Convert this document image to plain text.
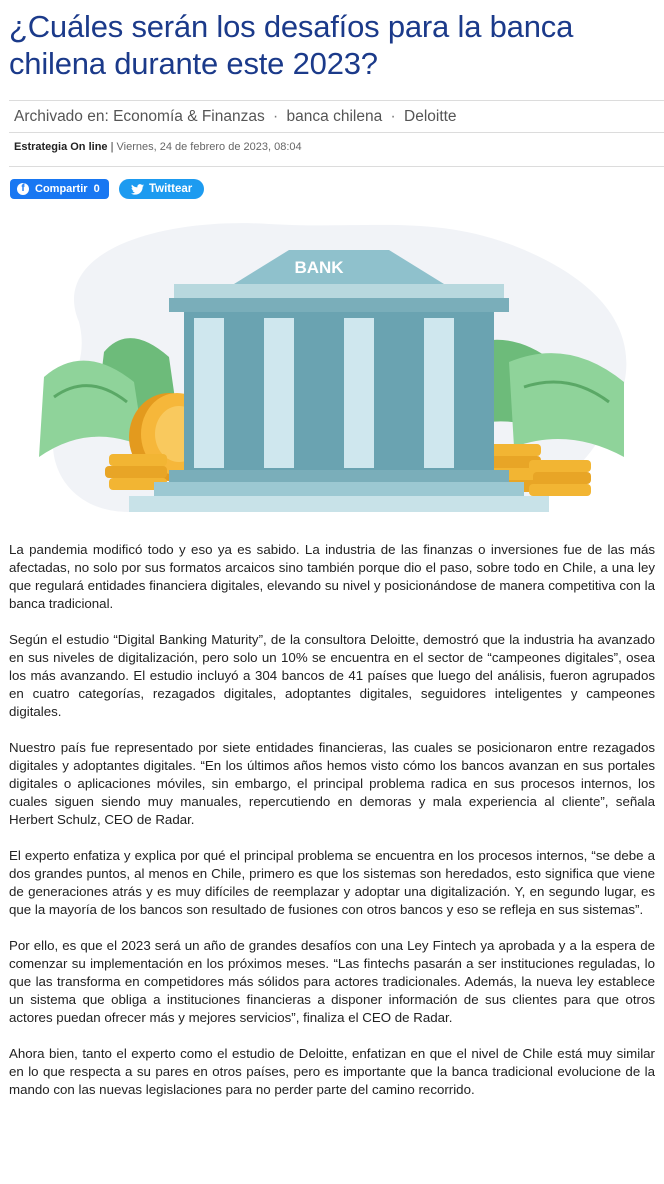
¿Cuáles serán los desafíos para la banca chilena durante este 2023?
Archivado en: Economía & Finanzas · banca chilena · Deloitte
Estrategia On line | Viernes, 24 de febrero de 2023, 08:04
f Compartir 0	Twittear
BANK

La pandemia modificó todo y eso ya es sabido. La industria de las finanzas o inversiones fue de las más afectadas, no solo por sus formatos arcaicos sino también porque dio el paso, sobre todo en Chile, a una ley que regulará entidades financiera digitales, elevando su nivel y posicionándose de manera competitiva con la banca tradicional.

Según el estudio “Digital Banking Maturity”, de la consultora Deloitte, demostró que la industria ha avanzado en sus niveles de digitalización, pero solo un 10% se encuentra en el sector de “campeones digitales”, osea los más avanzando. El estudio incluyó a 304 bancos de 41 países que luego del análisis, fueron agrupados en cuatro categorías, rezagados digitales, adoptantes digitales, seguidores inteligentes y campeones digitales.

Nuestro país fue representado por siete entidades financieras, las cuales se posicionaron entre rezagados digitales y adoptantes digitales. “En los últimos años hemos visto cómo los bancos avanzan en sus portales digitales o aplicaciones móviles, sin embargo, el principal problema radica en sus procesos internos, los cuales siguen siendo muy manuales, repercutiendo en demoras y mala experiencia al cliente”, señala Herbert Schulz, CEO de Radar.

El experto enfatiza y explica por qué el principal problema se encuentra en los procesos internos, “se debe a dos grandes puntos, al menos en Chile, primero es que los sistemas son heredados, esto significa que viene de generaciones atrás y es muy difíciles de reemplazar y adoptar una digitalización. Y, en segundo lugar, es que la mayoría de los bancos son resultado de fusiones con otros bancos y eso se refleja en sus sistemas”.

Por ello, es que el 2023 será un año de grandes desafíos con una Ley Fintech ya aprobada y a la espera de comenzar su implementación en los próximos meses. “Las fintechs pasarán a ser instituciones reguladas, lo que las transforma en competidores más sólidos para actores tradicionales. Además, la nueva ley establece un sistema que obliga a instituciones financieras a disponer información de sus clientes para que otros actores puedan ofrecer más y mejores servicios”, finaliza el CEO de Radar.

Ahora bien, tanto el experto como el estudio de Deloitte, enfatizan en que el nivel de Chile está muy similar en lo que respecta a su pares en otros países, pero es importante que la banca tradicional evolucione de la mando con las nuevas legislaciones para no perder parte del camino recorrido.
